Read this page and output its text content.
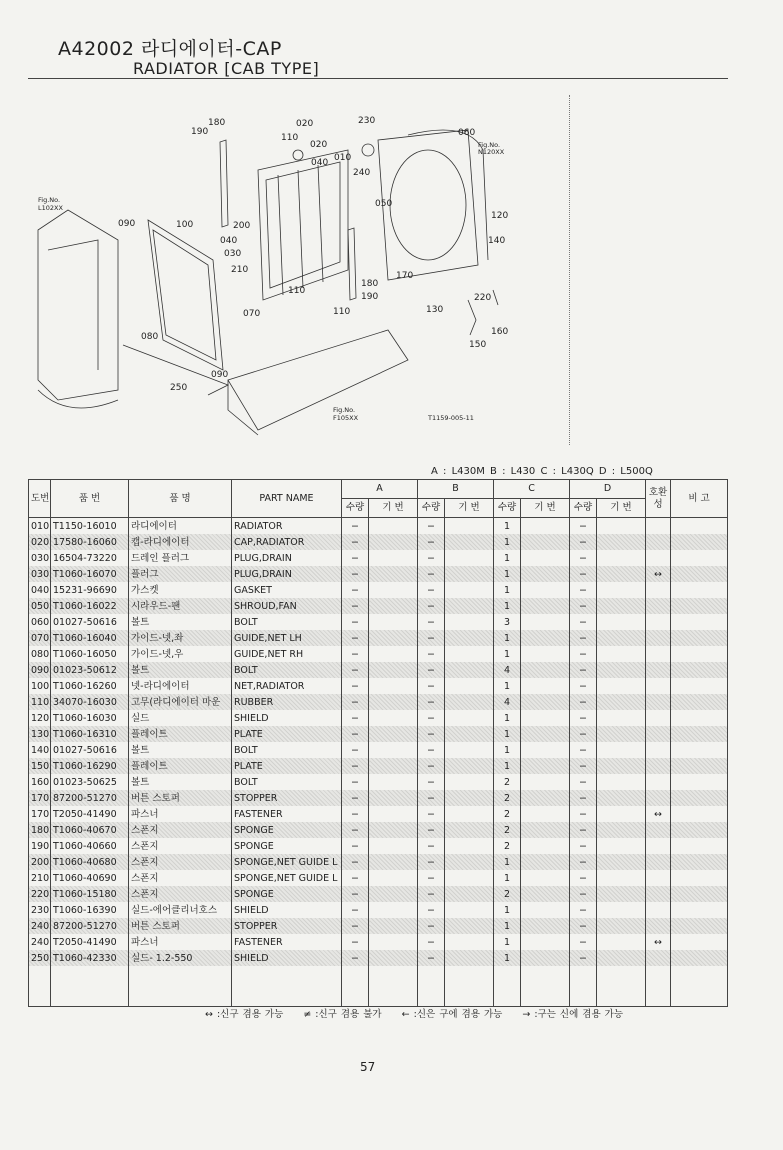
A42002 라디에이터-CAP
RADIATOR [CAB TYPE]
180
190
110
020	230
060
020
040 010
240
050
120
140
090	100	200
040
030
210
110
180
190
170
220
130
110
070
080
090
160
150
250
Fig.No.
L102XX
Fig.No.
N120XX
Fig.No.
F105XX	T1159-005-11
A : L430M B : L430 C : L430Q D : L500Q
도번	품 번	품 명	PART NAME	A		B		C		D		호환성	비 고
				수량	기 번	수량	기 번	수량	기 번	수량	기 번		
010	T1150-16010	라디에이터	RADIATOR	−		−		1		−			
020	17580-16060	캡-라디에이터	CAP,RADIATOR	−		−		1		−			
030	16504-73220	드레인 플러그	PLUG,DRAIN	−		−		1		−			
030	T1060-16070	플러그	PLUG,DRAIN	−		−		1		−		↔	
040	15231-96690	가스켓	GASKET	−		−		1		−			
050	T1060-16022	시라우드-팬	SHROUD,FAN	−		−		1		−			
060	01027-50616	볼트	BOLT	−		−		3		−			
070	T1060-16040	가이드-넷,좌	GUIDE,NET LH	−		−		1		−			
080	T1060-16050	가이드-넷,우	GUIDE,NET RH	−		−		1		−			
090	01023-50612	볼트	BOLT	−		−		4		−			
100	T1060-16260	넷-라디에이터	NET,RADIATOR	−		−		1		−			
110	34070-16030	고무(라디에이터 마운	RUBBER	−		−		4		−			
120	T1060-16030	실드	SHIELD	−		−		1		−			
130	T1060-16310	플레이트	PLATE	−		−		1		−			
140	01027-50616	볼트	BOLT	−		−		1		−			
150	T1060-16290	플레이트	PLATE	−		−		1		−			
160	01023-50625	볼트	BOLT	−		−		2		−			
170	87200-51270	버튼 스토퍼	STOPPER	−		−		2		−			
170	T2050-41490	파스너	FASTENER	−		−		2		−		↔	
180	T1060-40670	스폰지	SPONGE	−		−		2		−			
190	T1060-40660	스폰지	SPONGE	−		−		2		−			
200	T1060-40680	스폰지	SPONGE,NET GUIDE L	−		−		1		−			
210	T1060-40690	스폰지	SPONGE,NET GUIDE L	−		−		1		−			
220	T1060-15180	스폰지	SPONGE	−		−		2		−			
230	T1060-16390	실드-에어클리너호스	SHIELD	−		−		1		−			
240	87200-51270	버튼 스토퍼	STOPPER	−		−		1		−			
240	T2050-41490	파스너	FASTENER	−		−		1		−		↔	
250	T1060-42330	실드- 1.2-550	SHIELD	−		−		1		−			

↔ :신구 겸용 가능 ≠ :신구 겸용 불가 ← :신은 구에 겸용 가능 → :구는 신에 겸용 가능
57
